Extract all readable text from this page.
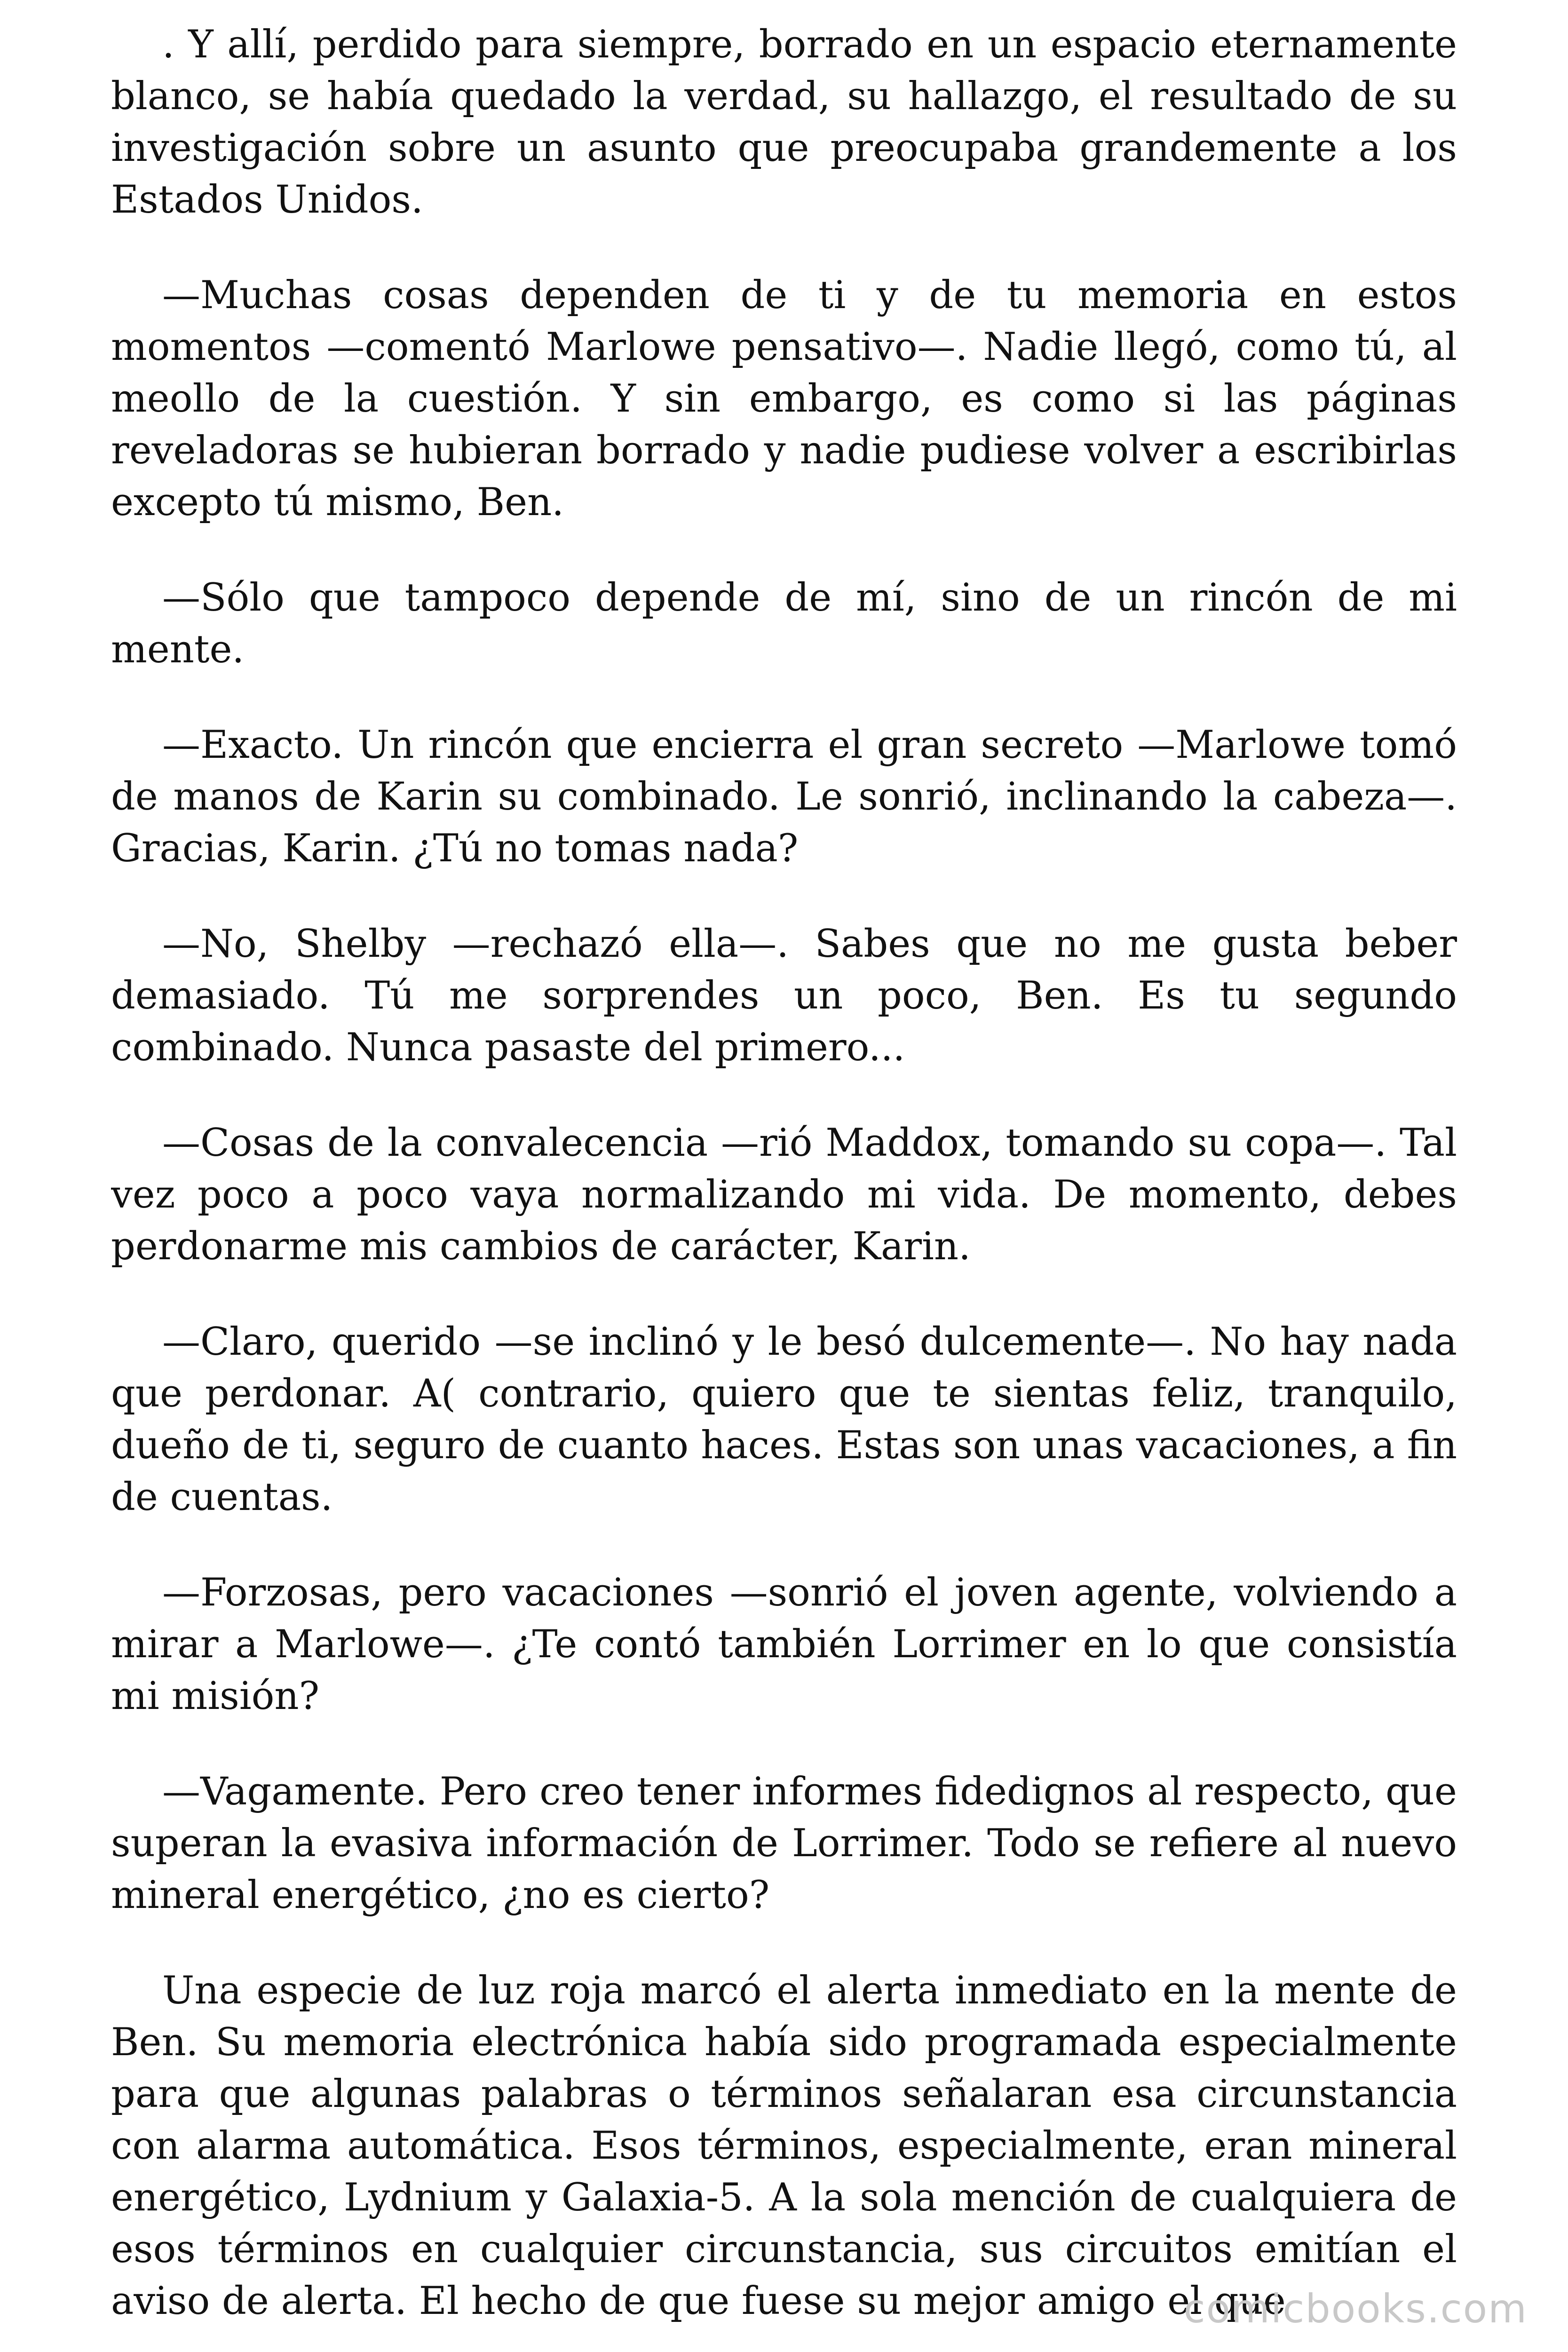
. Y allí, perdido para siempre, borrado en un espacio eternamente blanco, se había quedado la verdad, su hallazgo, el resultado de su investigación sobre un asunto que preocupaba grandemente a los Estados Unidos.

—Muchas cosas dependen de ti y de tu memoria en estos momentos —comentó Marlowe pensativo—. Nadie llegó, como tú, al meollo de la cuestión. Y sin embargo, es como si las páginas reveladoras se hubieran borrado y nadie pudiese volver a escribirlas excepto tú mismo, Ben.

—Sólo que tampoco depende de mí, sino de un rincón de mi mente.

—Exacto. Un rincón que encierra el gran secreto —Marlowe tomó de manos de Karin su combinado. Le sonrió, inclinando la cabeza—. Gracias, Karin. ¿Tú no tomas nada?

—No, Shelby —rechazó ella—. Sabes que no me gusta beber demasiado. Tú me sorprendes un poco, Ben. Es tu segundo combinado. Nunca pasaste del primero...

—Cosas de la convalecencia —rió Maddox, tomando su copa—. Tal vez poco a poco vaya normalizando mi vida. De momento, debes perdonarme mis cambios de carácter, Karin.

—Claro, querido —se inclinó y le besó dulcemente—. No hay nada que perdonar. A( contrario, quiero que te sientas feliz, tranquilo, dueño de ti, seguro de cuanto haces. Estas son unas vacaciones, a fin de cuentas.

—Forzosas, pero vacaciones —sonrió el joven agente, volviendo a mirar a Marlowe—. ¿Te contó también Lorrimer en lo que consistía mi misión?

—Vagamente. Pero creo tener informes fidedignos al respecto, que superan la evasiva información de Lorrimer. Todo se refiere al nuevo mineral energético, ¿no es cierto?

Una especie de luz roja marcó el alerta inmediato en la mente de Ben. Su memoria electrónica había sido programada especialmente para que algunas palabras o términos señalaran esa circunstancia con alarma automática. Esos términos, especialmente, eran mineral energético, Lydnium y Galaxia-5. A la sola mención de cualquiera de esos términos en cualquier circunstancia, sus circuitos emitían el aviso de alerta. El hecho de que fuese su mejor amigo el que

comicbooks.com
